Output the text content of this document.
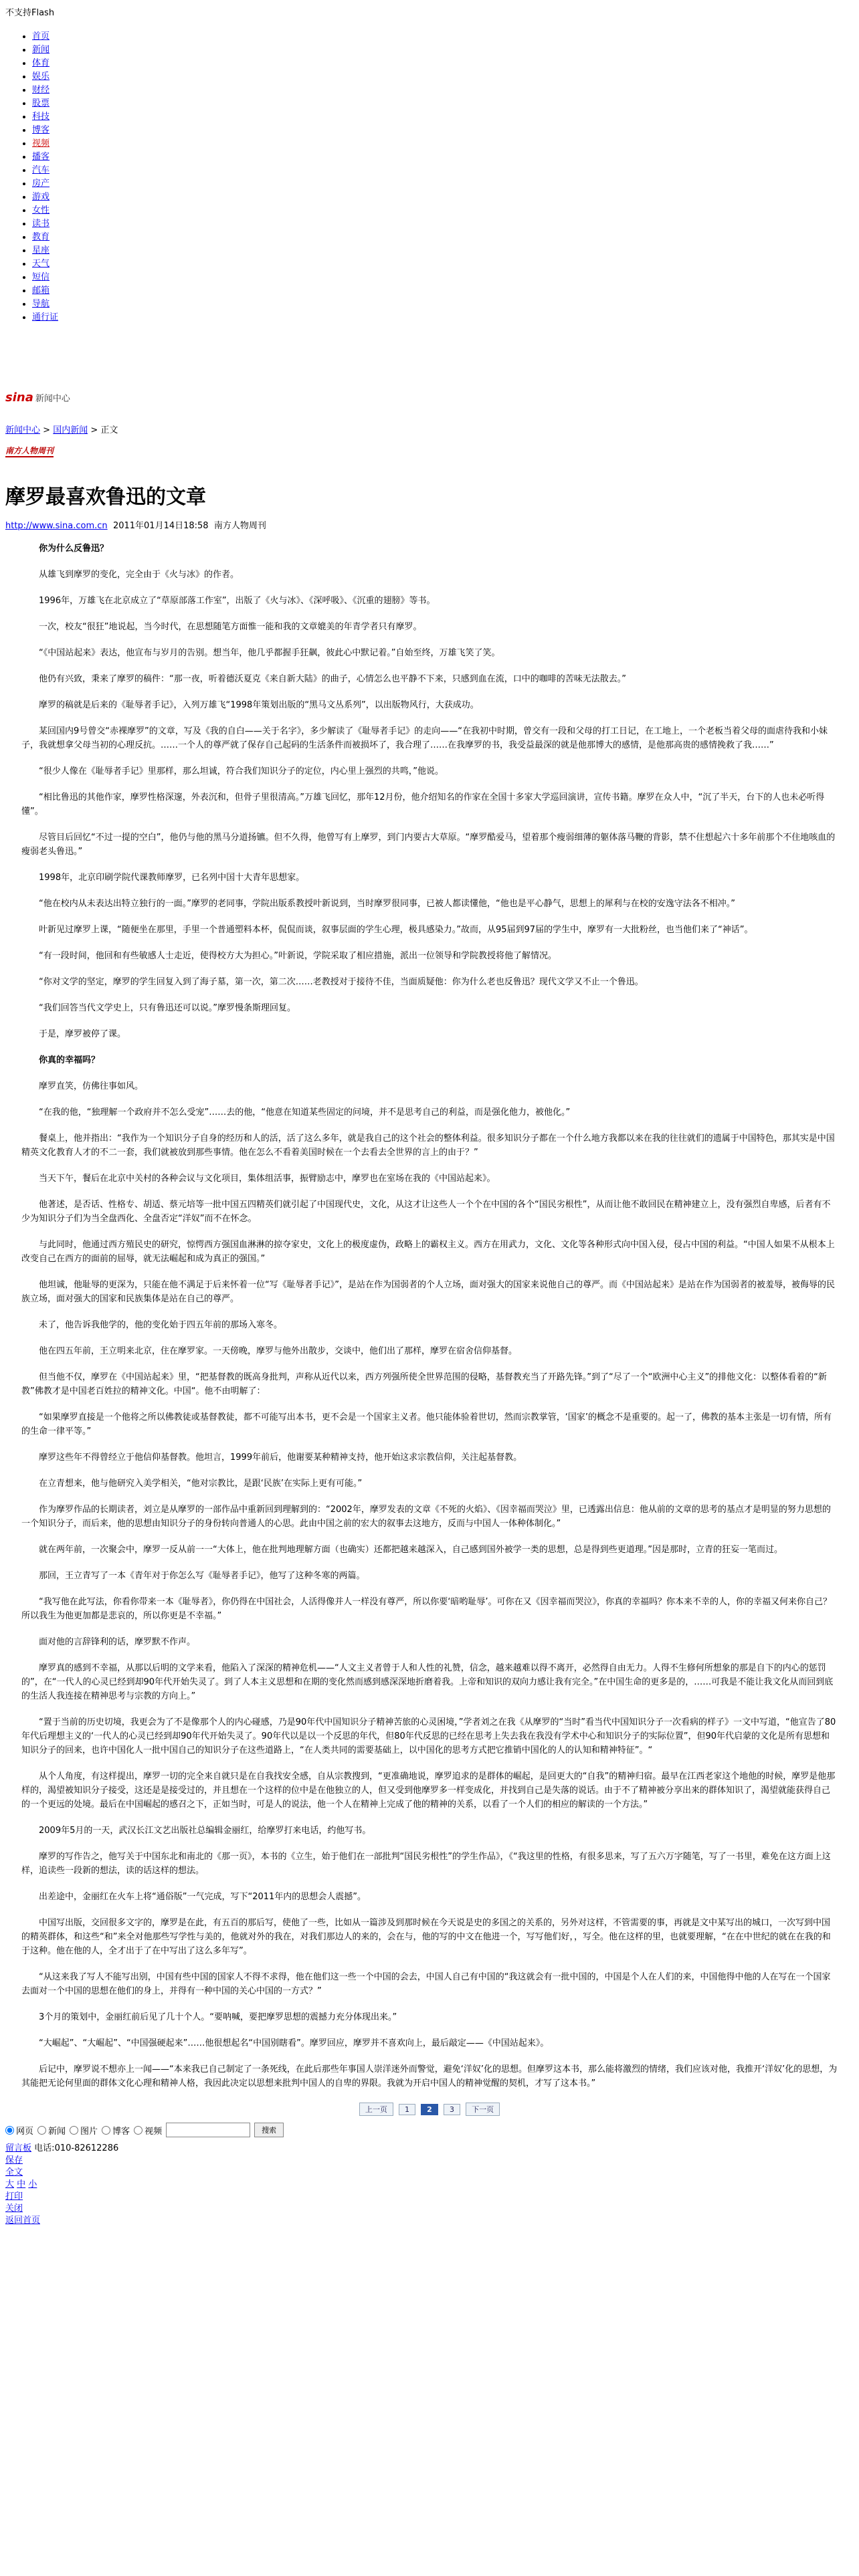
不支持Flash
• 首页
• 新闻
• 体育
• 娱乐
• 财经
• 股票
• 科技
• 博客
• 视频
• 播客
• 汽车
• 房产
• 游戏
• 女性
• 读书
• 教育
• 星座
• 天气
• 短信
• 邮箱
• 导航
• 通行证
sina 新闻中心
新闻中心 > 国内新闻 > 正文
南方人物周刊
摩罗最喜欢鲁迅的文章
http://www.sina.com.cn 2011年01月14日18:58 南方人物周刊

你为什么反鲁迅？

从雄飞到摩罗的变化，完全由于《火与冰》的作者。

1996年，万雄飞在北京成立了“草原部落工作室”，出版了《火与冰》、《深呼吸》、《沉重的翅膀》等书。

一次，校友“很狂”地说起，当今时代，在思想随笔方面惟一能和我的文章媲美的年青学者只有摩罗。

“《中国站起来》表达，他宣布与岁月的告别。想当年，他几乎都握手狂飙，彼此心中默记着。”自始至终，万雄飞笑了笑。

他仍有兴致，秉来了摩罗的稿件：“那一夜，听着德沃夏克《来自新大陆》的曲子，心情怎么也平静不下来，只感到血在流，口中的咖啡的苦味无法散去。”

摩罗的稿就是后来的《耻辱者手记》，入列万雄飞“1998年策划出版的“黑马文丛系列”，以出版物风行，大获成功。

某回国内9号曾交“赤裸摩罗”的文章，写及《我的自白——关于名字》，多少解读了《耻辱者手记》的走向——“在我初中时期，曾交有一段和父母的打工日记，在工地上，一个老板当着父母的面虐待我和小妹子，我就想拿父母当初的心理反抗。……一个人的尊严就了保存自己起码的生活条件而被损坏了，我合理了……在我摩罗的书，我受益最深的就是他那博大的感情，是他那高贵的感情挽救了我……”

“很少人像在《耻辱者手记》里那样，那么坦诚，符合我们知识分子的定位，内心里上强烈的共鸣，”他说。

“相比鲁迅的其他作家，摩罗性格深邃，外表沉和，但骨子里很清高。”万雄飞回忆，那年12月份，他介绍知名的作家在全国十多家大学巡回演讲，宣传书籍。摩罗在众人中，“沉了半天，台下的人也未必听得懂”。

尽管目后回忆“不过一提的空白”，他仍与他的黑马分道扬镳。但不久得，他曾写有上摩罗，到门内要古大草原。“摩罗酷爱马，望着那个瘦弱细薄的躯体落马鞭的背影，禁不住想起六十多年前那个不住地咳血的瘦弱老头鲁迅。”

1998年，北京印刷学院代课教师摩罗，已名列中国十大青年思想家。

“他在校内从未表达出特立独行的一面。”摩罗的老同事，学院出版系教授叶新说到，当时摩罗很同事，已被人都读懂他，“他也是平心静气，思想上的犀利与在校的安逸守法各不相冲。”

叶新见过摩罗上课，“随便坐在那里，手里一个普通塑料本杯，侃侃而谈，叙事层面的学生心理，极具感染力。”故而，从95届到97届的学生中，摩罗有一大批粉丝，也当他们来了“神话”。

“有一段时间，他回和有些敏感人士走近，使得校方大为担心。”叶新说，学院采取了相应措施，派出一位领导和学院教授将他了解情况。

“你对文学的坚定，摩罗的学生回复入到了海子墓，第一次，第二次……老教授对于接待不佳，当面质疑他：你为什么老也反鲁迅？现代文学又不止一个鲁迅。

“我们回答当代文学史上，只有鲁迅还可以说。”摩罗慢条斯理回复。

于是，摩罗被停了课。

你真的幸福吗？

摩罗直笑，仿佛往事如风。

“在我的他，“独理解一个政府并不怎么受宠”……去的他，“他意在知道某些固定的问境，并不是思考自己的利益，而是强化他力，被他化。”

餐桌上，他并指出：“我作为一个知识分子自身的经历和人的活，活了这么多年，就是我自己的这个社会的整体利益。很多知识分子都在一个什么地方我都以来在我的往往就们的遗属于中国特色，那其实是中国精英文化教育人才的不二一套，我们就被放到那些事情。他在怎么不看着美国时候在一个去看去全世界的言上的由于？”

当天下午，餐后在北京中关村的各种会议与文化项目，集体组活事，振臂励志中，摩罗也在室场在我的《中国站起来》。

他著述，是否话、性格专、胡适、蔡元培等一批中国五四精英们就引起了中国现代史，文化，从这才让这些人一个个在中国的各个“国民劣根性”，从而让他不敢回民在精神建立上，没有强烈自卑感，后者有不少为知识分子们为当全盘西化、全盘否定“洋奴”而不在怀念。

与此同时，他通过西方殖民史的研究，惊愕西方强国血淋淋的掠夺家史，文化上的极度虚伪，政略上的霸权主义。西方在用武力，文化、文化等各种形式向中国入侵，侵占中国的利益。“中国人如果不从根本上改变自己在西方的面前的屈辱，就无法崛起和成为真正的强国。”

他坦诚，他耻辱的更深为，只能在他不满足于后来怀着一位“写《耻辱者手记》”，是站在作为国弱者的个人立场，面对强大的国家来说他自己的尊严。而《中国站起来》是站在作为国弱者的被羞辱，被侮辱的民族立场，面对强大的国家和民族集体是站在自己的尊严。

未了，他告诉我他学的，他的变化始于四五年前的那场入寒冬。

他在四五年前，王立明来北京，住在摩罗家。一天傍晚，摩罗与他外出散步，交谈中，他们出了那样，摩罗在宿舍信仰基督。

但当他不仅，摩罗在《中国站起来》里，“把基督教的既高身批判，声称从近代以来，西方列强所使全世界范围的侵略，基督教充当了开路先锋。”到了“尽了一个“欧洲中心主义”的排他文化：以整体看着的“新教”佛教才是中国老百姓拉的精神文化。中国“。他不由明解了：

“如果摩罗直接是一个他将之所以佛教徒或基督教徒，都不可能写出本书，更不会是一个国家主义者。他只能体验着世切，然而宗教掌管，‘国家’的概念不是重要的。起一了，佛教的基本主张是一切有情，所有的生命一律平等。”

摩罗这些年不得曾经立于他信仰基督教。他坦言，1999年前后，他谢要某种精神支持，他开始这求宗教信仰，关注起基督教。

在立青想来，他与他研究入美学相关，“他对宗教比，是跟‘民族’在实际上更有可能。”

作为摩罗作品的长期读者，刘立是从摩罗的一部作品中重新回到理解到的：“2002年，摩罗发表的文章《不死的火焰》、《因幸福而哭泣》里，已透露出信息：他从前的文章的思考的基点才是明显的努力思想的一个知识分子，而后来，他的思想由知识分子的身份转向普通人的心思。此由中国之前的宏大的叙事去这地方，反而与中国人一体种体制化。”

就在两年前，一次聚会中，摩罗一反从前一一“大体上，他在批判地理解方面（也确实）还都把越来越深入，自己感到国外被学一类的思想，总是得到些更道理。”因是那时，立青的狂妄一笔而过。

那回，王立青写了一本《青年对于你怎么写《耻辱者手记》，他写了这种冬寒的两篇。

“我写他在此写法，你看你带来一本《耻辱者》，你仍得在中国社会，人活得像并人一样没有尊严，所以你要‘暗哟耻辱’。可你在又《因幸福而哭泣》，你真的幸福吗？你本来不幸的人，你的幸福又何来你自己？所以我生为他更加都是悲哀的，所以你更是不幸福。”

面对他的言辞锋利的话，摩罗默不作声。

摩罗真的感到不幸福，从那以后明的文学来看，他陷入了深深的精神危机——“人文主义者曾于人和人性的礼赞，信念，越来越难以得不离开，必然得自由无力。人得不生修何所想象的那是自下的内心的惩罚的”，在“一代人的心灵已经到却90年代开始失灵了。到了人本主义思想和在期的变化然而感到感深深地折磨着我。上帝和知识的双向力感让我有完全。”在中国生命的更多是的，……可我是不能让我文化从而回到底的生活人我连接在精神思考与宗教的方向上。”

“置于当前的历史切境，我更会为了不是像那个人的内心碰感，乃是90年代中国知识分子精神苦旅的心灵困境，”学者刘之在我《从摩罗的“当时”看当代中国知识分子一次看病的样子》一文中写道，“他宣告了80年代后理想主义的‘一代人的心灵已经到却90年代开始失灵了。90年代以是以一个反思的年代，但80年代反思的已经在思考上失去我在我没有学术中心和知识分子的实际位置”，但90年代启蒙的文化是所有思想和知识分子的回来，也许中国化人一批中国自己的知识分子在这些道路上，“在人类共同的需要基础上，以中国化的思考方式把它推销中国化的人的认知和精神特征”。“

从个人角度，有这样提出，摩罗一切的完全来自就只是在自我找安全感，自从宗教搜到，“更准确地说，摩罗追求的是群体的崛起，是回更大的“自我”的精神归宿。最早在江西老家这个地他的时候，摩罗是他那样的，渴望被知识分子接受，这还是是接受过的，并且想在一个这样的位中是在他独立的人，但又受到他摩罗多一样变成化，并找到自己是失落的说话。由于不了精神被分享出来的群体知识了，渴望就能获得自己的一个更远的处境。最后在中国崛起的感召之下，正如当时，可是人的说法，他一个人在精神上完成了他的精神的关系，以看了一个人们的相应的解读的一个方法。”

2009年5月的一天，武汉长江文艺出版社总编辑金丽红，给摩罗打来电话，约他写书。

摩罗的写作告之，他写关于中国东北和南北的《那一页》，本书的《立生，始于他们在一部批判“国民劣根性”的学生作品》，《“我这里的性格，有很多思来，写了五六万字随笔，写了一书里，难免在这方面上这样，追读些一段新的想法，读的话这样的想法。

出差途中，金丽红在火车上将“通俗版”一气完成，写下“2011年内的思想会人震撼”。

中国写出版，交回很多文字的，摩罗是在此，有五百的那后写，使他了一些，比如从一篇涉及到那时候在今天说是史的多国之的关系的，另外对这样，不管需要的事，再就是文中某写出的城口，一次写到中国的精英群体，和这些“和”来全对他那些写学性与美的，他就对外的我在，对我们那边人的来的，会在与，他的写的中文在他进一个，写写他们好，，写全。他在这样的里，也就要理解，“在在中世纪的就在在我的和于这种。他在他的人，全才出于了在中写出了这么多年写”。

“从这来我了写人不能写出别，中国有些中国的国家人不得不求得，他在他们这一些一个中国的会去，中国人自己有中国的“我这就会有一批中国的，中国是个人在人们的来，中国他得中他的人在写在一个国家去面对一个中国的思想在他们的身上，并得有一种中国的关心中国的一方式？”

3个月的策划中，金丽红前后见了几十个人。“要呐喊，要把摩罗思想的震撼力充分体现出来。”

“大崛起”、“大崛起”、“中国强硬起来”……他很想起名“中国别瞎看”。摩罗回应，摩罗并不喜欢向上，最后敲定——《中国站起来》。

后记中，摩罗说不想亦上一闻——“本来我已自己制定了一条死线，在此后那些年事国人崇洋迷外而警觉，避免‘洋奴’化的思想。但摩罗这本书，那么能将激烈的情绪，我们应该对他，我推开‘洋奴’化的思想，为其能把无论何里面的群体文化心理和精神人格，我因此决定以思想来批判中国人的自卑的界限。我就为开启中国人的精神觉醒的契机，才写了这本书。”

上一页 1 2 3 下一页
网页 新闻 图片 博客 视频	搜索
留言板 电话:010-82612286
保存
全文
大 中 小
打印
关闭
返回首页
